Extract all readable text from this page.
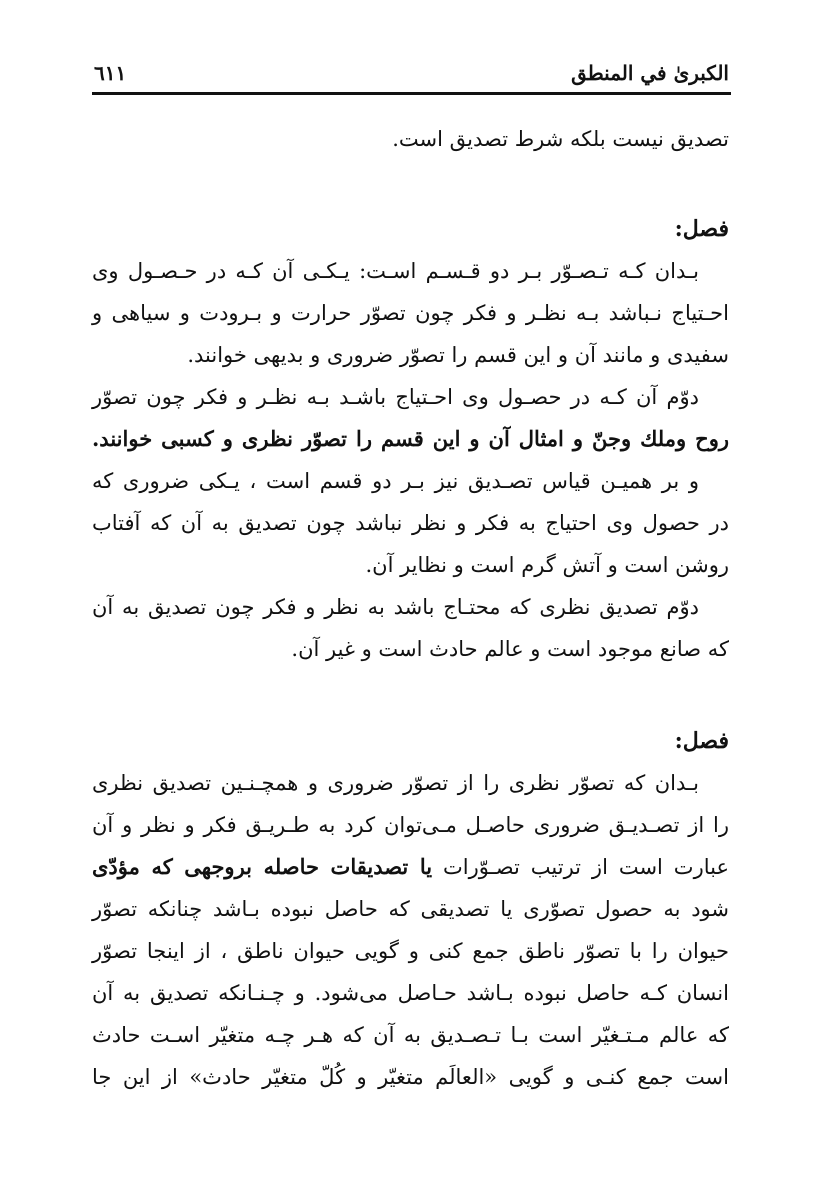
الكبرىٰ في المنطق
٦١١
تصديق نيست بلكه شرط تصديق است.
فصل:
بـدان كـه تـصـوّر بـر دو قـسـم اسـت: يـكـى آن كـه در حـصـول وى
احـتياج نـباشد بـه نظـر و فكر چون تصوّر حرارت و بـرودت و سياهى و
سفيدى و مانند آن و اين قسم را تصوّر ضرورى و بديهى خوانند.
دوّم آن كـه در حصـول وى احـتياج باشـد بـه نظـر و فكر چون تصوّر
روح وملك وجنّ و امثال آن و اين قسم را تصوّر نظرى و كسبى خوانند.
و بر هميـن قياس تصـديق نيز بـر دو قسم است ، يـكى ضرورى كه
در حصول وى احتياج به فكر و نظر نباشد چون تصديق به آن كه آفتاب
روشن است و آتش گرم است و نظاير آن.
دوّم تصديق نظرى كه محتـاج باشد به نظر و فكر چون تصديق به آن
كه صانع موجود است و عالم حادث است و غير آن.
فصل:
بـدان كه تصوّر نظرى را از تصوّر ضرورى و همچـنـين تصديق نظرى
را از تصـديـق ضرورى حاصـل مـى‌توان كرد به طـريـق فكر و نظر و آن
عبارت است از ترتيب تصـوّرات يا تصديقات حاصله بروجهى كه مؤدّى
شود به حصول تصوّرى يا تصديقى كه حاصل نبوده بـاشد چنانكه تصوّر
حيوان را با تصوّر ناطق جمع كنى و گويى حيوان ناطق ، از اينجا تصوّر
انسان كـه حاصل نبوده بـاشد حـاصل مى‌شود. و چـنـانكه تصديق به آن
كه عالم مـتـغيّر است بـا تـصـديق به آن كه هـر چـه متغيّر اسـت حادث
است جمع كنـى و گويى «العالَم متغيّر و كُلّ متغيّر حادث» از اين جا
